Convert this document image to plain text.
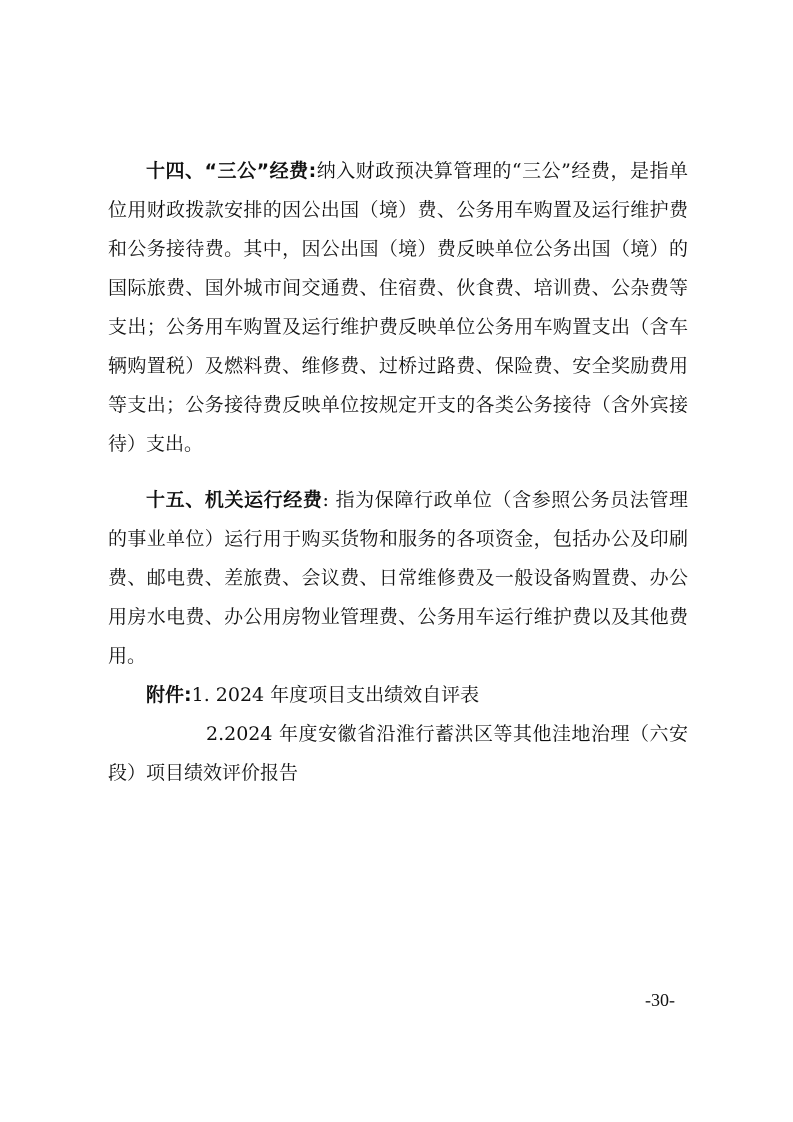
十四、“三公”经费:纳入财政预决算管理的“三公”经费，是指单位用财政拨款安排的因公出国（境）费、公务用车购置及运行维护费和公务接待费。其中，因公出国（境）费反映单位公务出国（境）的国际旅费、国外城市间交通费、住宿费、伙食费、培训费、公杂费等支出；公务用车购置及运行维护费反映单位公务用车购置支出（含车辆购置税）及燃料费、维修费、过桥过路费、保险费、安全奖励费用等支出；公务接待费反映单位按规定开支的各类公务接待（含外宾接待）支出。

十五、机关运行经费: 指为保障行政单位（含参照公务员法管理的事业单位）运行用于购买货物和服务的各项资金，包括办公及印刷费、邮电费、差旅费、会议费、日常维修费及一般设备购置费、办公用房水电费、办公用房物业管理费、公务用车运行维护费以及其他费用。

附件:1. 2024 年度项目支出绩效自评表

2.2024 年度安徽省沿淮行蓄洪区等其他洼地治理（六安段）项目绩效评价报告

-30-
